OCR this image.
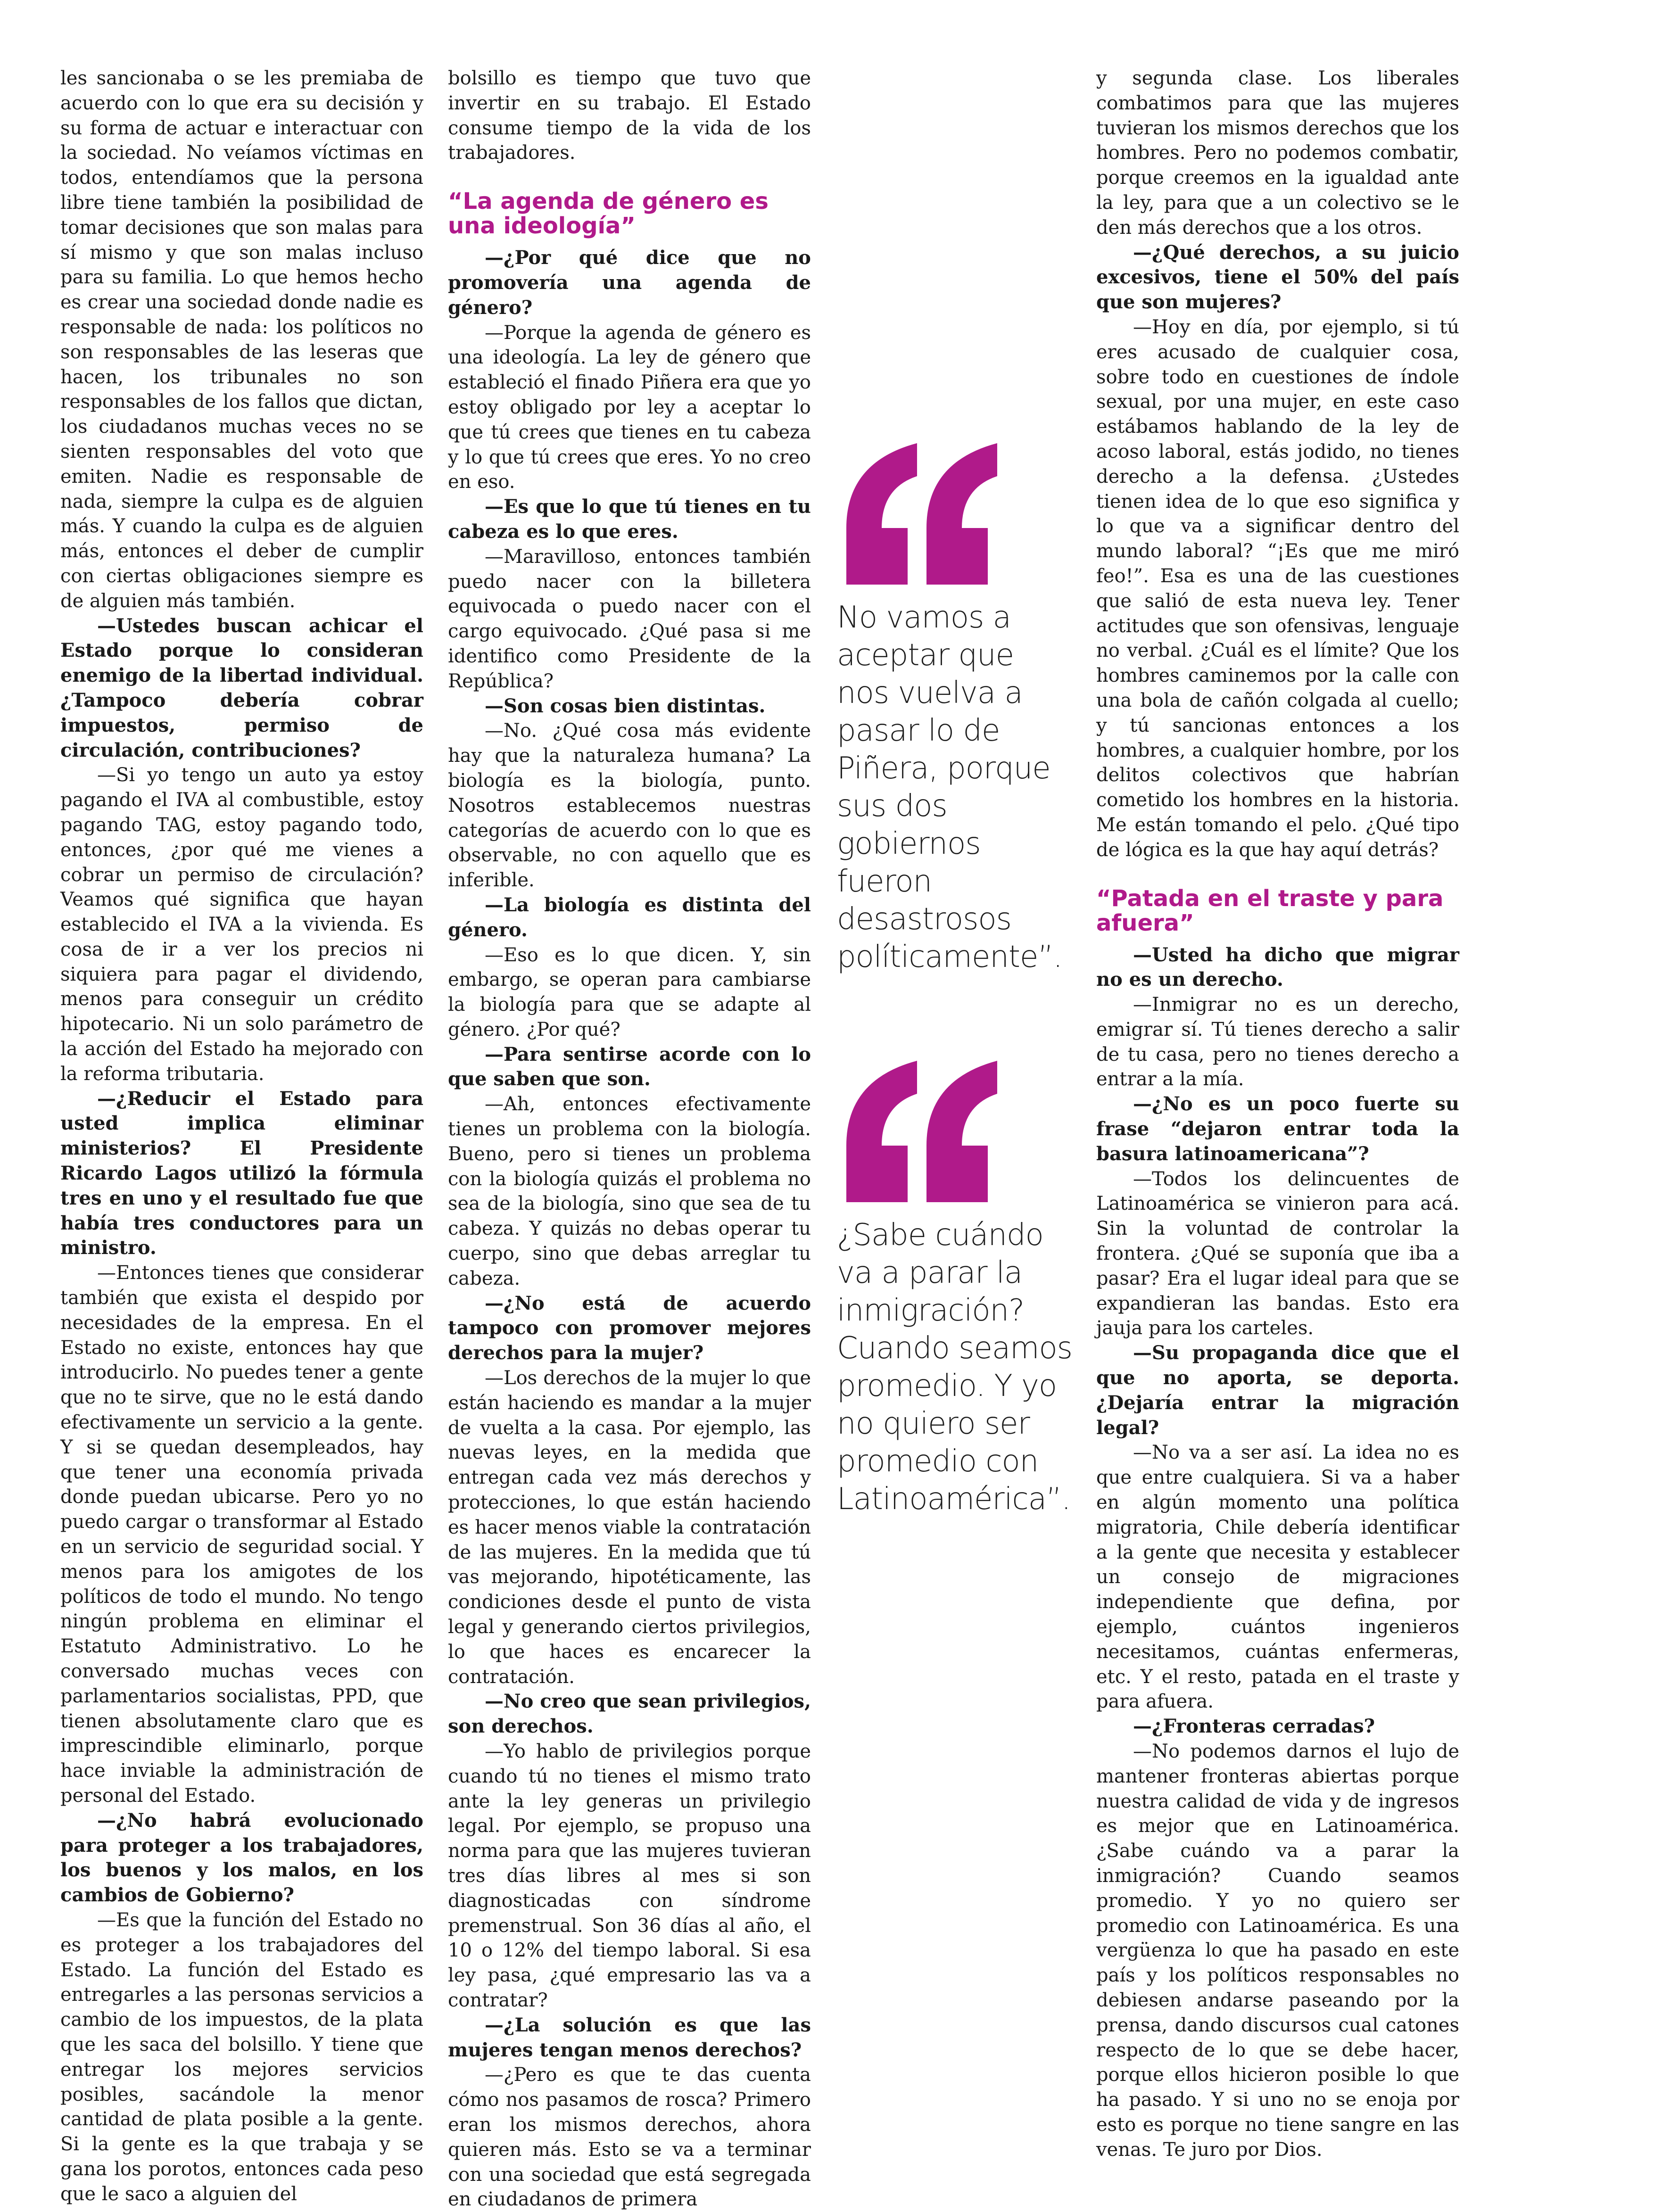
les sancionaba o se les premiaba de acuerdo con lo que era su decisión y su forma de actuar e interactuar con la sociedad. No veíamos víctimas en todos, entendíamos que la persona libre tiene también la posibilidad de tomar decisiones que son malas para sí mismo y que son malas incluso para su familia. Lo que hemos hecho es crear una sociedad donde nadie es responsable de nada: los políticos no son responsables de las leseras que hacen, los tribunales no son responsables de los fallos que dictan, los ciudadanos muchas veces no se sienten responsables del voto que emiten. Nadie es responsable de nada, siempre la culpa es de alguien más. Y cuando la culpa es de alguien más, entonces el deber de cumplir con ciertas obligaciones siempre es de alguien más también.

—Ustedes buscan achicar el Estado porque lo consideran enemigo de la libertad individual. ¿Tampoco debería cobrar impuestos, permiso de circulación, contribuciones?

—Si yo tengo un auto ya estoy pagando el IVA al combustible, estoy pagando TAG, estoy pagando todo, entonces, ¿por qué me vienes a cobrar un permiso de circulación? Veamos qué significa que hayan establecido el IVA a la vivienda. Es cosa de ir a ver los precios ni siquiera para pagar el dividendo, menos para conseguir un crédito hipotecario. Ni un solo parámetro de la acción del Estado ha mejorado con la reforma tributaria.

—¿Reducir el Estado para usted implica eliminar ministerios? El Presidente Ricardo Lagos utilizó la fórmula tres en uno y el resultado fue que había tres conductores para un ministro.

—Entonces tienes que considerar también que exista el despido por necesidades de la empresa. En el Estado no existe, entonces hay que introducirlo. No puedes tener a gente que no te sirve, que no le está dando efectivamente un servicio a la gente. Y si se quedan desempleados, hay que tener una economía privada donde puedan ubicarse. Pero yo no puedo cargar o transformar al Estado en un servicio de seguridad social. Y menos para los amigotes de los políticos de todo el mundo. No tengo ningún problema en eliminar el Estatuto Administrativo. Lo he conversado muchas veces con parlamentarios socialistas, PPD, que tienen absolutamente claro que es imprescindible eliminarlo, porque hace inviable la administración de personal del Estado.

—¿No habrá evolucionado para proteger a los trabajadores, los buenos y los malos, en los cambios de Gobierno?

—Es que la función del Estado no es proteger a los trabajadores del Estado. La función del Estado es entregarles a las personas servicios a cambio de los impuestos, de la plata que les saca del bolsillo. Y tiene que entregar los mejores servicios posibles, sacándole la menor cantidad de plata posible a la gente. Si la gente es la que trabaja y se gana los porotos, entonces cada peso que le saco a alguien del

bolsillo es tiempo que tuvo que invertir en su trabajo. El Estado consume tiempo de la vida de los trabajadores.

“La agenda de género es una ideología”

—¿Por qué dice que no promovería una agenda de género?

—Porque la agenda de género es una ideología. La ley de género que estableció el finado Piñera era que yo estoy obligado por ley a aceptar lo que tú crees que tienes en tu cabeza y lo que tú crees que eres. Yo no creo en eso.

—Es que lo que tú tienes en tu cabeza es lo que eres.

—Maravilloso, entonces también puedo nacer con la billetera equivocada o puedo nacer con el cargo equivocado. ¿Qué pasa si me identifico como Presidente de la República?

—Son cosas bien distintas.

—No. ¿Qué cosa más evidente hay que la naturaleza humana? La biología es la biología, punto. Nosotros establecemos nuestras categorías de acuerdo con lo que es observable, no con aquello que es inferible.

—La biología es distinta del género.

—Eso es lo que dicen. Y, sin embargo, se operan para cambiarse la biología para que se adapte al género. ¿Por qué?

—Para sentirse acorde con lo que saben que son.

—Ah, entonces efectivamente tienes un problema con la biología. Bueno, pero si tienes un problema con la biología quizás el problema no sea de la biología, sino que sea de tu cabeza. Y quizás no debas operar tu cuerpo, sino que debas arreglar tu cabeza.

—¿No está de acuerdo tampoco con promover mejores derechos para la mujer?

—Los derechos de la mujer lo que están haciendo es mandar a la mujer de vuelta a la casa. Por ejemplo, las nuevas leyes, en la medida que entregan cada vez más derechos y protecciones, lo que están haciendo es hacer menos viable la contratación de las mujeres. En la medida que tú vas mejorando, hipotéticamente, las condiciones desde el punto de vista legal y generando ciertos privilegios, lo que haces es encarecer la contratación.

—No creo que sean privilegios, son derechos.

—Yo hablo de privilegios porque cuando tú no tienes el mismo trato ante la ley generas un privilegio legal. Por ejemplo, se propuso una norma para que las mujeres tuvieran tres días libres al mes si son diagnosticadas con síndrome premenstrual. Son 36 días al año, el 10 o 12% del tiempo laboral. Si esa ley pasa, ¿qué empresario las va a contratar?

—¿La solución es que las mujeres tengan menos derechos?

—¿Pero es que te das cuenta cómo nos pasamos de rosca? Primero eran los mismos derechos, ahora quieren más. Esto se va a terminar con una sociedad que está segregada en ciudadanos de primera

No vamos a aceptar que nos vuelva a pasar lo de Piñera, porque sus dos gobiernos fueron desastrosos políticamente”.
¿Sabe cuándo va a parar la inmigración? Cuando seamos promedio. Y yo no quiero ser promedio con Latinoamérica”.

y segunda clase. Los liberales combatimos para que las mujeres tuvieran los mismos derechos que los hombres. Pero no podemos combatir, porque creemos en la igualdad ante la ley, para que a un colectivo se le den más derechos que a los otros.

—¿Qué derechos, a su juicio excesivos, tiene el 50% del país que son mujeres?

—Hoy en día, por ejemplo, si tú eres acusado de cualquier cosa, sobre todo en cuestiones de índole sexual, por una mujer, en este caso estábamos hablando de la ley de acoso laboral, estás jodido, no tienes derecho a la defensa. ¿Ustedes tienen idea de lo que eso significa y lo que va a significar dentro del mundo laboral? “¡Es que me miró feo!”. Esa es una de las cuestiones que salió de esta nueva ley. Tener actitudes que son ofensivas, lenguaje no verbal. ¿Cuál es el límite? Que los hombres caminemos por la calle con una bola de cañón colgada al cuello; y tú sancionas entonces a los hombres, a cualquier hombre, por los delitos colectivos que habrían cometido los hombres en la historia. Me están tomando el pelo. ¿Qué tipo de lógica es la que hay aquí detrás?

“Patada en el traste y para afuera”

—Usted ha dicho que migrar no es un derecho.

—Inmigrar no es un derecho, emigrar sí. Tú tienes derecho a salir de tu casa, pero no tienes derecho a entrar a la mía.

—¿No es un poco fuerte su frase “dejaron entrar toda la basura latinoamericana”?

—Todos los delincuentes de Latinoamérica se vinieron para acá. Sin la voluntad de controlar la frontera. ¿Qué se suponía que iba a pasar? Era el lugar ideal para que se expandieran las bandas. Esto era jauja para los carteles.

—Su propaganda dice que el que no aporta, se deporta. ¿Dejaría entrar la migración legal?

—No va a ser así. La idea no es que entre cualquiera. Si va a haber en algún momento una política migratoria, Chile debería identificar a la gente que necesita y establecer un consejo de migraciones independiente que defina, por ejemplo, cuántos ingenieros necesitamos, cuántas enfermeras, etc. Y el resto, patada en el traste y para afuera.

—¿Fronteras cerradas?

—No podemos darnos el lujo de mantener fronteras abiertas porque nuestra calidad de vida y de ingresos es mejor que en Latinoamérica. ¿Sabe cuándo va a parar la inmigración? Cuando seamos promedio. Y yo no quiero ser promedio con Latinoamérica. Es una vergüenza lo que ha pasado en este país y los políticos responsables no debiesen andarse paseando por la prensa, dando discursos cual catones respecto de lo que se debe hacer, porque ellos hicieron posible lo que ha pasado. Y si uno no se enoja por esto es porque no tiene sangre en las venas. Te juro por Dios.
